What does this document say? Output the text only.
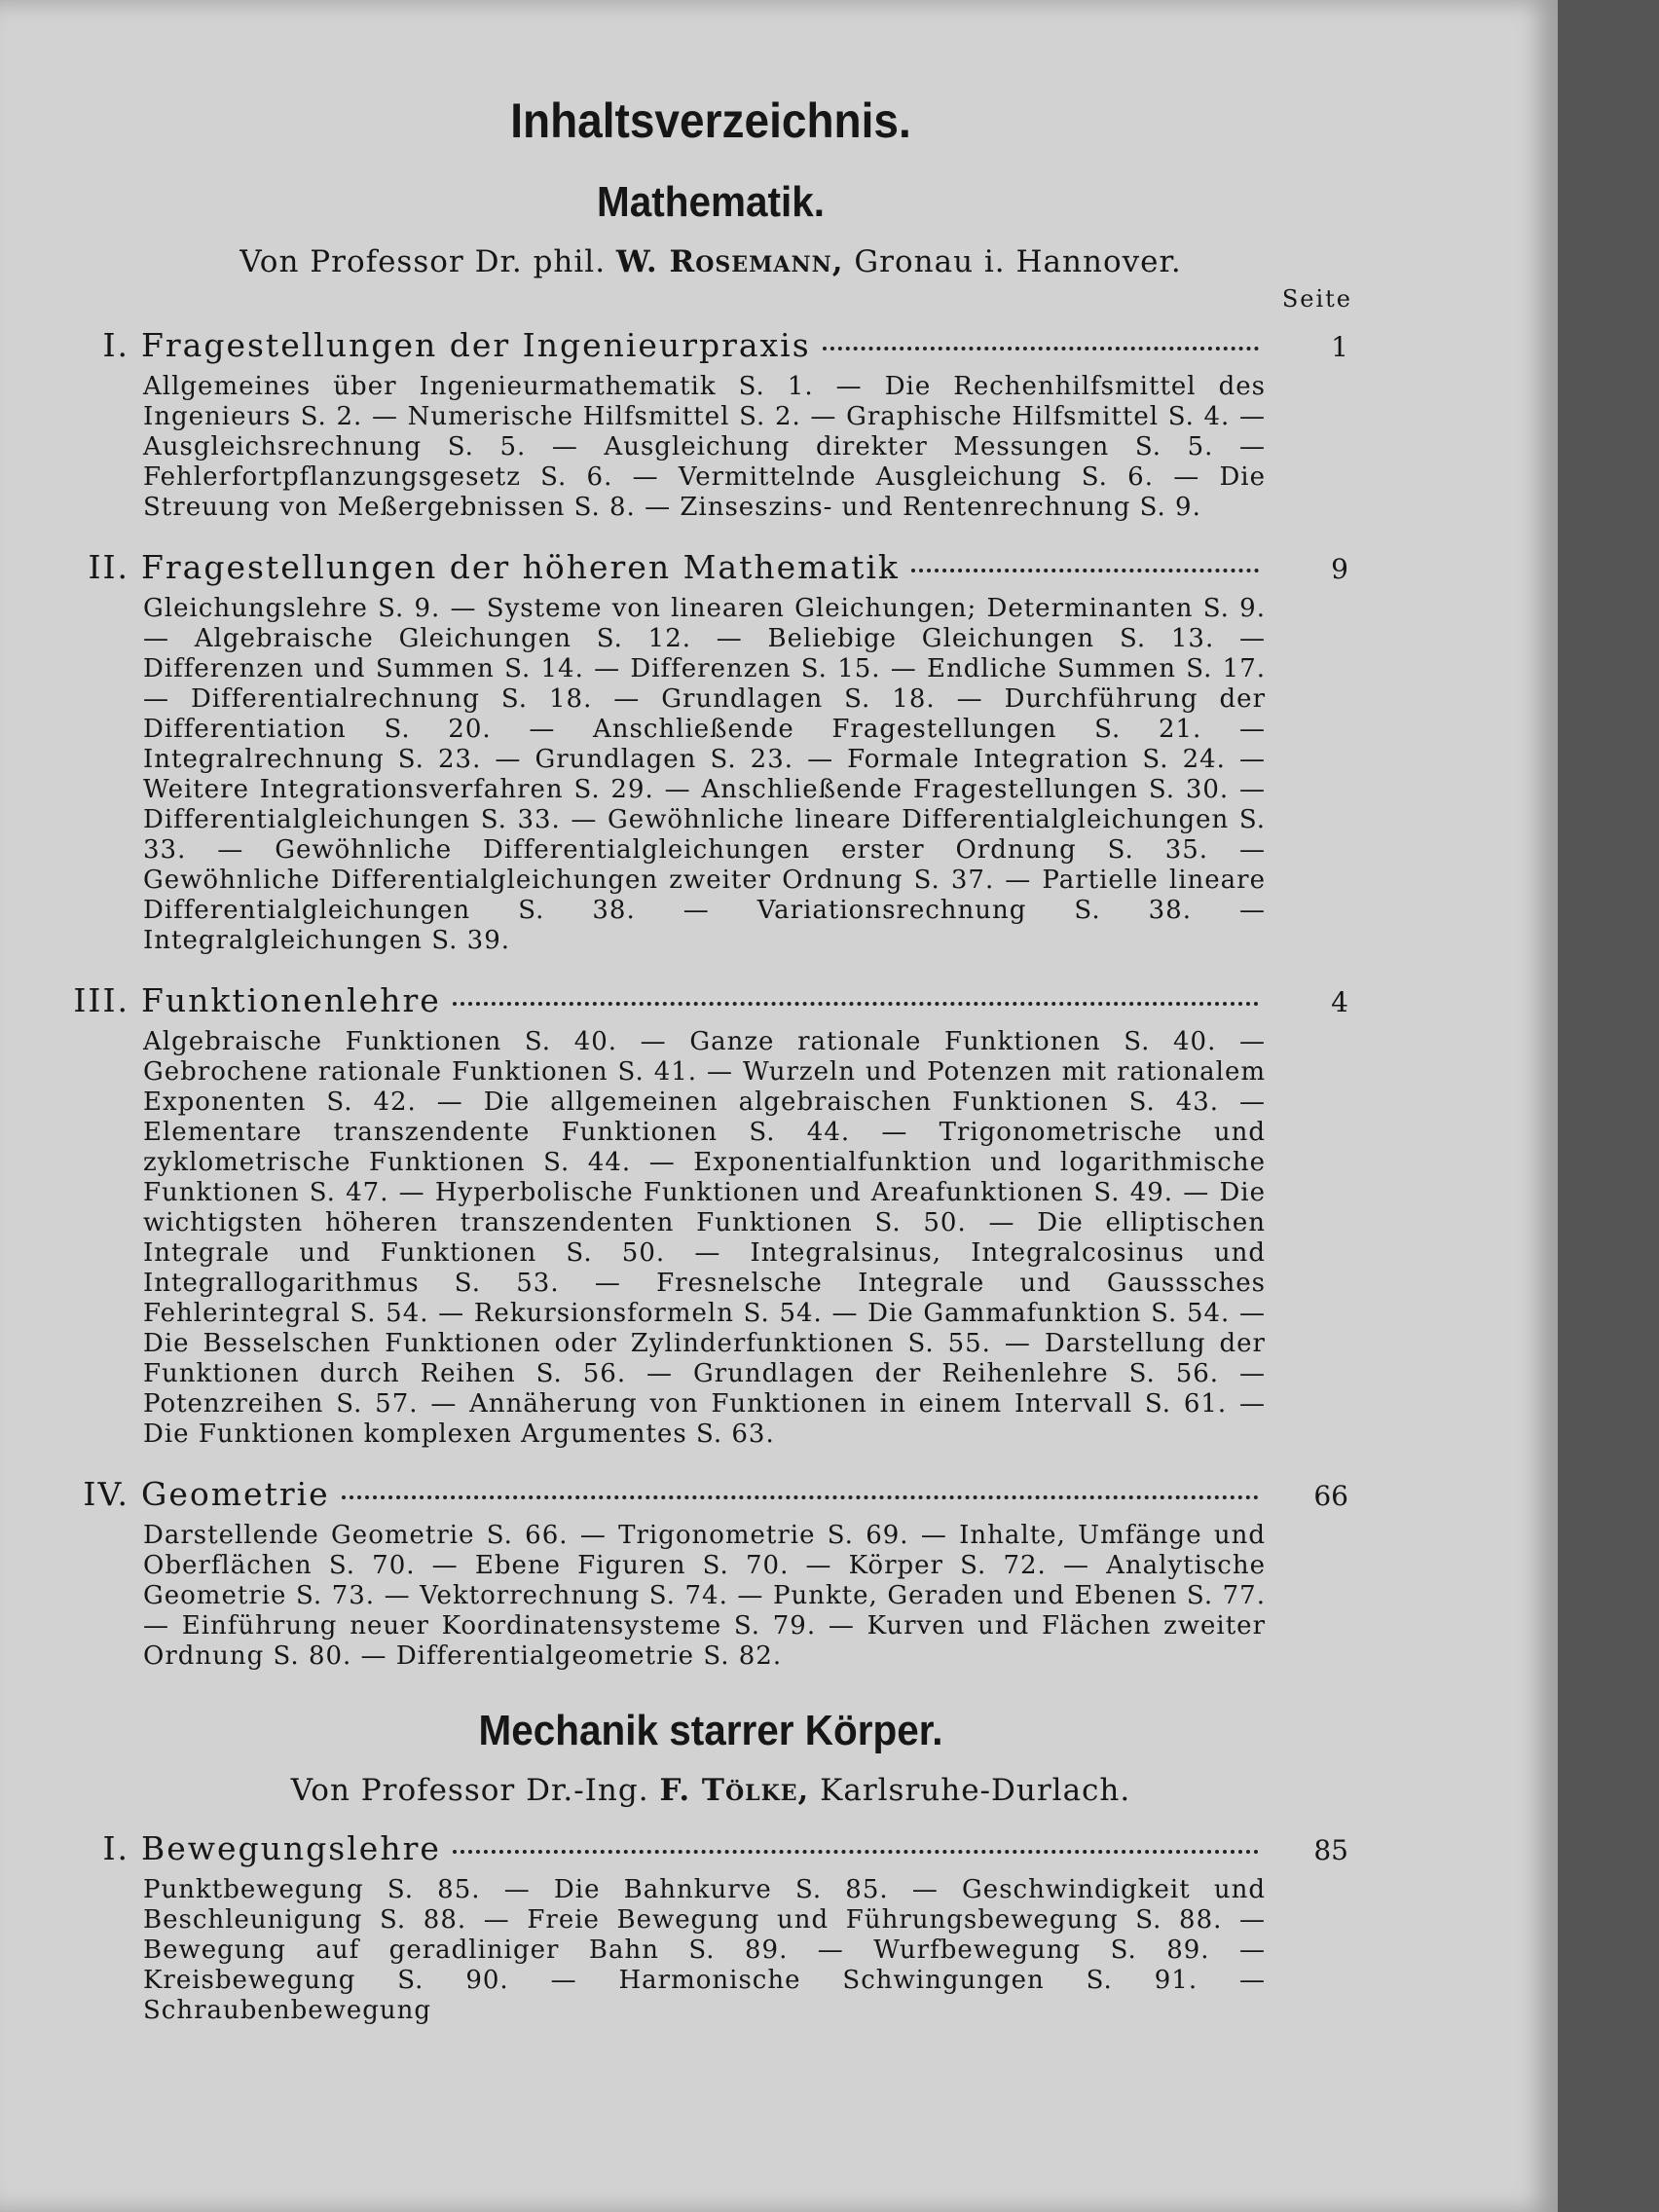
Inhaltsverzeichnis.
Mathematik.
Von Professor Dr. phil. W. Rosemann, Gronau i. Hannover.
Seite
I. Fragestellungen der Ingenieurpraxis	1
Allgemeines über Ingenieurmathematik S. 1. — Die Rechenhilfsmittel des Ingenieurs S. 2. — Numerische Hilfsmittel S. 2. — Graphische Hilfsmittel S. 4. — Ausgleichsrechnung S. 5. — Ausgleichung direkter Messungen S. 5. — Fehlerfortpflanzungsgesetz S. 6. — Vermittelnde Ausgleichung S. 6. — Die Streuung von Meßergebnissen S. 8. — Zinseszins- und Rentenrechnung S. 9.
II. Fragestellungen der höheren Mathematik	9
Gleichungslehre S. 9. — Systeme von linearen Gleichungen; Determinanten S. 9. — Algebraische Gleichungen S. 12. — Beliebige Gleichungen S. 13. — Differenzen und Summen S. 14. — Differenzen S. 15. — Endliche Summen S. 17. — Differentialrechnung S. 18. — Grundlagen S. 18. — Durchführung der Differentiation S. 20. — Anschließende Fragestellungen S. 21. — Integralrechnung S. 23. — Grundlagen S. 23. — Formale Integration S. 24. — Weitere Integrationsverfahren S. 29. — Anschließende Fragestellungen S. 30. — Differentialgleichungen S. 33. — Gewöhnliche lineare Differentialgleichungen S. 33. — Gewöhnliche Differentialgleichungen erster Ordnung S. 35. — Gewöhnliche Differentialgleichungen zweiter Ordnung S. 37. — Partielle lineare Differentialgleichungen S. 38. — Variationsrechnung S. 38. — Integralgleichungen S. 39.
III. Funktionenlehre	4
Algebraische Funktionen S. 40. — Ganze rationale Funktionen S. 40. — Gebrochene rationale Funktionen S. 41. — Wurzeln und Potenzen mit rationalem Exponenten S. 42. — Die allgemeinen algebraischen Funktionen S. 43. — Elementare transzendente Funktionen S. 44. — Trigonometrische und zyklometrische Funktionen S. 44. — Exponentialfunktion und logarithmische Funktionen S. 47. — Hyperbolische Funktionen und Areafunktionen S. 49. — Die wichtigsten höheren transzendenten Funktionen S. 50. — Die elliptischen Integrale und Funktionen S. 50. — Integralsinus, Integralcosinus und Integrallogarithmus S. 53. — Fresnelsche Integrale und Gausssches Fehlerintegral S. 54. — Rekursionsformeln S. 54. — Die Gammafunktion S. 54. — Die Besselschen Funktionen oder Zylinderfunktionen S. 55. — Darstellung der Funktionen durch Reihen S. 56. — Grundlagen der Reihenlehre S. 56. — Potenzreihen S. 57. — Annäherung von Funktionen in einem Intervall S. 61. — Die Funktionen komplexen Argumentes S. 63.
IV. Geometrie	66
Darstellende Geometrie S. 66. — Trigonometrie S. 69. — Inhalte, Umfänge und Oberflächen S. 70. — Ebene Figuren S. 70. — Körper S. 72. — Analytische Geometrie S. 73. — Vektorrechnung S. 74. — Punkte, Geraden und Ebenen S. 77. — Einführung neuer Koordinatensysteme S. 79. — Kurven und Flächen zweiter Ordnung S. 80. — Differentialgeometrie S. 82.
Mechanik starrer Körper.
Von Professor Dr.-Ing. F. Tölke, Karlsruhe-Durlach.
I. Bewegungslehre	85
Punktbewegung S. 85. — Die Bahnkurve S. 85. — Geschwindigkeit und Beschleunigung S. 88. — Freie Bewegung und Führungsbewegung S. 88. — Bewegung auf geradliniger Bahn S. 89. — Wurfbewegung S. 89. — Kreisbewegung S. 90. — Harmonische Schwingungen S. 91. — Schraubenbewegung
